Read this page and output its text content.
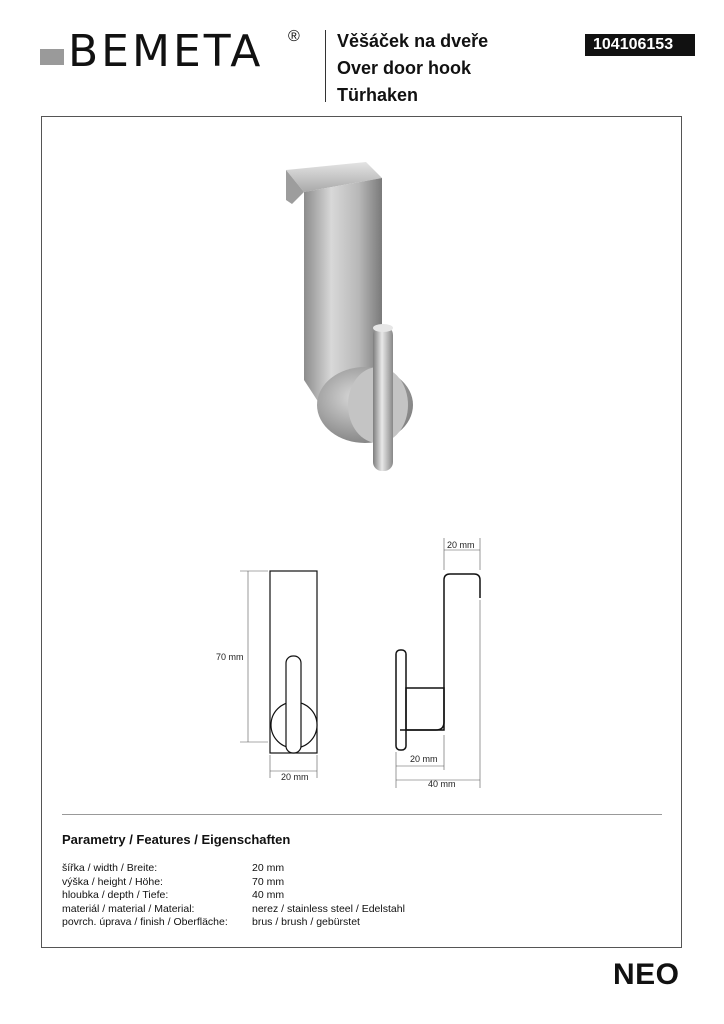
BEMETA ® Věšáček na dveře
Over door hook
Türhaken
104106153
70 mm
20 mm
20 mm
20 mm
40 mm
Parametry / Features / Eigenschaften
šířka / width / Breite:	20 mm
výška / height / Höhe:	70 mm
hloubka / depth / Tiefe:	40 mm
materiál / material / Material:	nerez / stainless steel / Edelstahl
povrch. úprava / finish / Oberfläche:	brus / brush / gebürstet
NEO
